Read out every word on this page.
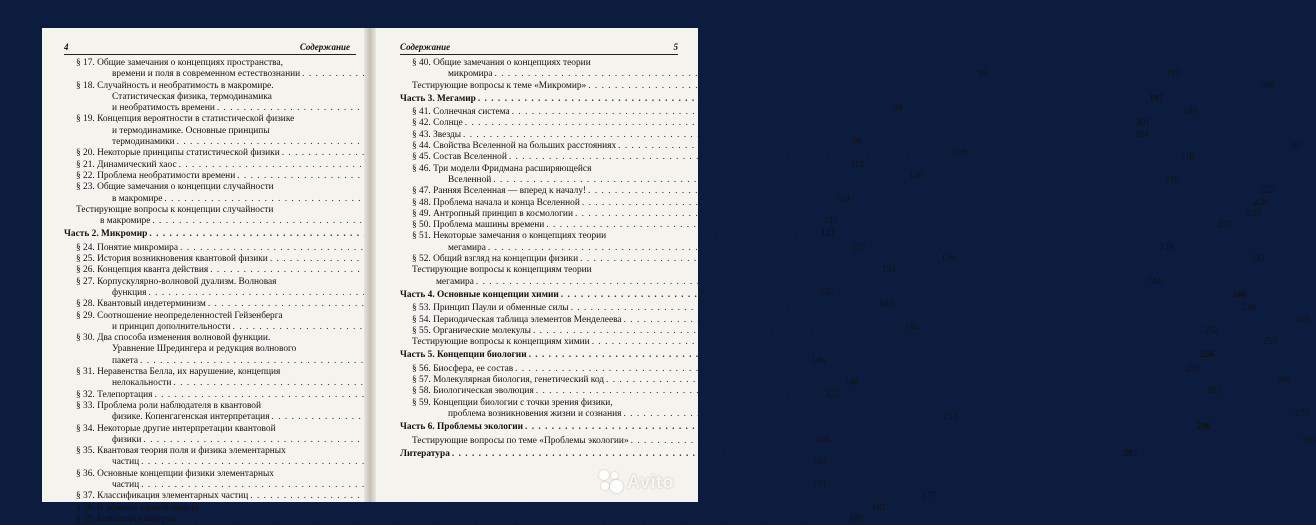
4	Содержание
§ 17. Общие замечания о концепциях пространства,
времени и поля в современном естествознании . . .	90
§ 18. Случайность и необратимость в макромире.
Статистическая физика, термодинамика
и необратимость времени . . .	94
§ 19. Концепция вероятности в статистической физике
и термодинамике. Основные принципы
термодинамики . . .	96
§ 20. Некоторые принципы статистической физики . . .	100
§ 21. Динамический хаос . . .	112
§ 22. Проблема необратимости времени . . .	120
§ 23. Общие замечания о концепции случайности
в макромире . . .	124
Тестирующие вопросы к концепции случайности
в макромире . . .	125
Часть 2. Микромир . . .	127
§ 24. Понятие микромира . . .	127
§ 25. История возникновения квантовой физики . . .	129
§ 26. Концепция кванта действия . . .	134
§ 27. Корпускулярно-волновой дуализм. Волновая
функция . . .	137
§ 28. Квантовый индетерминизм . . .	141
§ 29. Соотношение неопределенностей Гейзенберга
и принцип дополнительности . . .	142
§ 30. Два способа изменения волновой функции.
Уравнение Шредингера и редукция волнового
пакета . . .	146
§ 31. Неравенства Белла, их нарушение, концепция
нелокальности . . .	148
§ 32. Телепортация . . .	151
§ 33. Проблема роли наблюдателя в квантовой
физике. Копенгагенская интерпретация . . .	153
§ 34. Некоторые другие интерпретации квантовой
физики . . .	158
§ 35. Квантовая теория поля и физика элементарных
частиц . . .	165
§ 36. Основные концепции физики элементарных
частиц . . .	171
§ 37. Классификация элементарных частиц . . .	177
§ 38. В поисках единой теории . . .	181
§ 39. Концепция вакуума . . .	185
Содержание	5
§ 40. Общие замечания о концепциях теории
микромира . . .	193
Тестирующие вопросы к теме «Микромир» . . .	196
Часть 3. Мегамир . . .	197
§ 41. Солнечная система . . .	199
§ 42. Солнце . . .	201
§ 43. Звезды . . .	204
§ 44. Свойства Вселенной на больших расстояниях . . .	207
§ 45. Состав Вселенной . . .	210
§ 46. Три модели Фридмана расширяющейся
Вселенной . . .	216
§ 47. Ранняя Вселенная — вперед к началу! . . .	222
§ 48. Проблема начала и конца Вселенной . . .	228
§ 49. Антропный принцип в космологии . . .	233
§ 50. Проблема машины времени . . .	237
§ 51. Некоторые замечания о концепциях теории
мегамира . . .	239
§ 52. Общий взгляд на концепции физики . . .	241
Тестирующие вопросы к концепциям теории
мегамира . . .	244
Часть 4. Основные концепции химии . . .	246
§ 53. Принцип Паули и обменные силы . . .	246
§ 54. Периодическая таблица элементов Менделеева . . .	250
§ 55. Органические молекулы . . .	252
Тестирующие вопросы к концепциям химии . . .	255
Часть 5. Концепции биологии . . .	256
§ 56. Биосфера, ее состав . . .	256
§ 57. Молекулярная биология, генетический код . . .	261
§ 58. Биологическая эволюция . . .	265
§ 59. Концепции биологии с точки зрения физики,
проблема возникновения жизни и сознания . . .	277
Часть 6. Проблемы экологии . . .	296
Тестирующие вопросы по теме «Проблемы экологии» . . .	305
Литература . . .	307
Avito
